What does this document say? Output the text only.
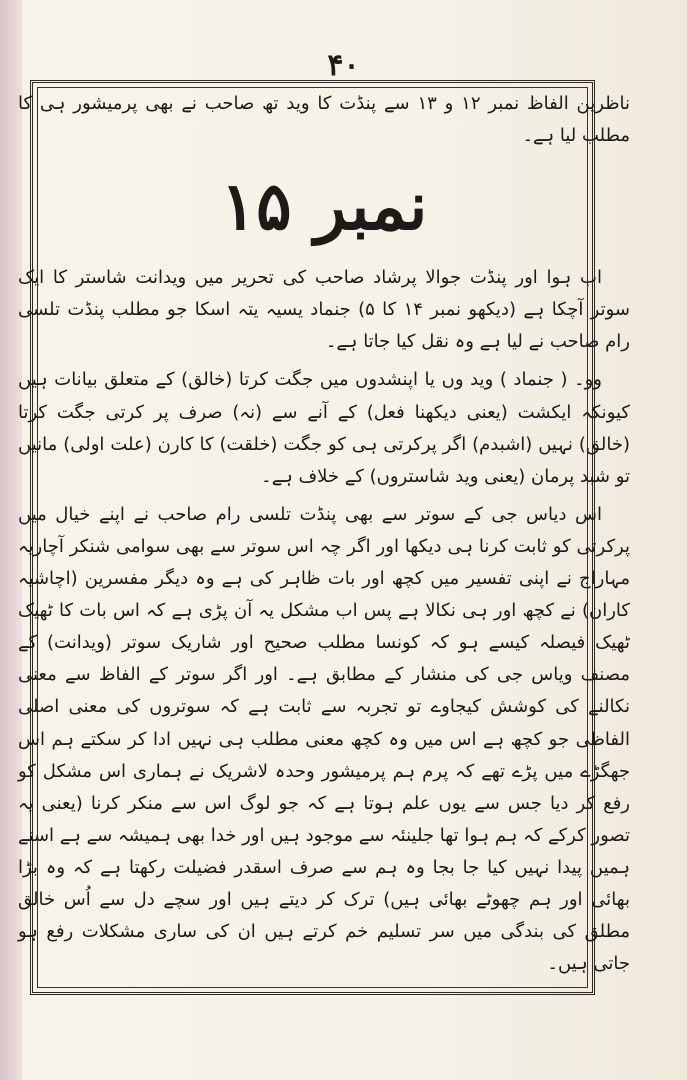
۴۰

ناظرین الفاظ نمبر ۱۲ و ۱۳ سے پنڈت کا وید تھ صاحب نے بھی پرمیشور ہی کا مطلب لیا ہے۔

نمبر ۱۵

اب ہوا اور پنڈت جوالا پرشاد صاحب کی تحریر میں ویدانت شاستر کا ایک سوتر آچکا ہے (دیکھو نمبر ۱۴ کا ۵) جنماد یسیہ یتہ اسکا جو مطلب پنڈت تلسی رام صاحب نے لیا ہے وہ نقل کیا جاتا ہے۔

وو۔ ( جنماد ) وید وں یا اپنشدوں میں جگت کرتا (خالق) کے متعلق بیانات ہیں کیونکہ ایکشت (یعنی دیکھنا فعل) کے آنے سے (نہ) صرف پر کرتی جگت کرتا (خالق) نہیں (اشبدم) اگر پرکرتی ہی کو جگت (خلقت) کا کارن (علت اولی) مانیں تو شبد پرمان (یعنی وید شاستروں) کے خلاف ہے۔

اس دیاس جی کے سوتر سے بھی پنڈت تلسی رام صاحب نے اپنے خیال میں پرکرتی کو ثابت کرنا ہی دیکھا اور اگر چہ اس سوتر سے بھی سوامی شنکر آچاریہ مہاراج نے اپنی تفسیر میں کچھ اور بات ظاہر کی ہے وہ دیگر مفسرین (اچاشیہ کاران) نے کچھ اور ہی نکالا ہے پس اب مشکل یہ آن پڑی ہے کہ اس بات کا ٹھیک ٹھیک فیصلہ کیسے ہو کہ کونسا مطلب صحیح اور شاریک سوتر (ویدانت) کے مصنف ویاس جی کی منشار کے مطابق ہے۔ اور اگر سوتر کے الفاظ سے معنی نکالنے کی کوشش کیجاوے تو تجربہ سے ثابت ہے کہ سوتروں کی معنی اصلی الفاظی جو کچھ ہے اس میں وہ کچھ معنی مطلب ہی نہیں ادا کر سکتے ہم اس جھگڑے میں پڑے تھے کہ پرم ہم پرمیشور وحدہ لاشریک نے ہماری اس مشکل کو رفع کر دیا جس سے یوں علم ہوتا ہے کہ جو لوگ اس سے منکر کرنا (یعنی یہ تصور کرکے کہ ہم ہوا تھا جلینئہ سے موجود ہیں اور خدا بھی ہمیشہ سے ہے اسنے ہمیں پیدا نہیں کیا جا بجا وہ ہم سے صرف اسقدر فضیلت رکھتا ہے کہ وہ بڑا بھائی اور ہم چھوٹے بھائی ہیں) ترک کر دیتے ہیں اور سچے دل سے اُس خالق مطلق کی بندگی میں سر تسلیم خم کرتے ہیں ان کی ساری مشکلات رفع ہو جاتی ہیں۔
